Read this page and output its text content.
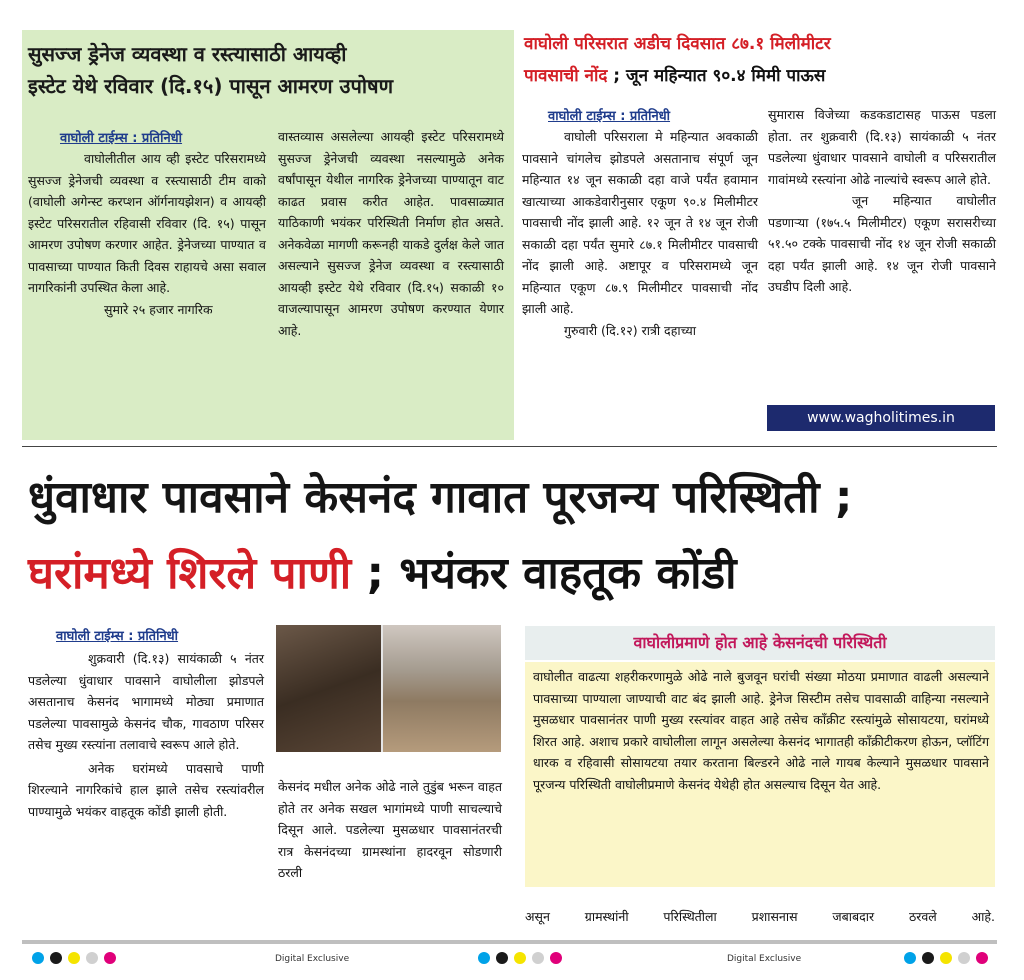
सुसज्ज ड्रेनेज व्यवस्था व रस्त्यासाठी आयव्ही
इस्टेट येथे रविवार (दि.१५) पासून आमरण उपोषण
वाघोली टाईम्स : प्रतिनिधी

वाघोलीतील आय व्ही इस्टेट परिसरामध्ये सुसज्ज ड्रेनेजची व्यवस्था व रस्त्यासाठी टीम वाको (वाघोली अगेन्स्ट करप्शन ऑर्गनायझेशन) व आयव्ही इस्टेट परिसरातील रहिवासी रविवार (दि. १५) पासून आमरण उपोषण करणार आहेत. ड्रेनेजच्या पाण्यात व पावसाच्या पाण्यात किती दिवस राहायचे असा सवाल नागरिकांनी उपस्थित केला आहे.

सुमारे २५ हजार नागरिक

वास्तव्यास असलेल्या आयव्ही इस्टेट परिसरामध्ये सुसज्ज ड्रेनेजची व्यवस्था नसल्यामुळे अनेक वर्षांपासून येथील नागरिक ड्रेनेजच्या पाण्यातून वाट काढत प्रवास करीत आहेत. पावसाळ्यात याठिकाणी भयंकर परिस्थिती निर्माण होत असते. अनेकवेळा मागणी करूनही याकडे दुर्लक्ष केले जात असल्याने सुसज्ज ड्रेनेज व्यवस्था व रस्त्यासाठी आयव्ही इस्टेट येथे रविवार (दि.१५) सकाळी १० वाजल्यापासून आमरण उपोषण करण्यात येणार आहे.

वाघोली परिसरात अडीच दिवसात ८७.१ मिलीमीटर
पावसाची नोंद ; जून महिन्यात ९०.४ मिमी पाऊस
वाघोली टाईम्स : प्रतिनिधी

वाघोली परिसराला मे महिन्यात अवकाळी पावसाने चांगलेच झोडपले असतानाच संपूर्ण जून महिन्यात १४ जून सकाळी दहा वाजे पर्यंत हवामान खात्याच्या आकडेवारीनुसार एकूण ९०.४ मिलीमीटर पावसाची नोंद झाली आहे. १२ जून ते १४ जून रोजी सकाळी दहा पर्यंत सुमारे ८७.१ मिलीमीटर पावसाची नोंद झाली आहे. अष्टापूर व परिसरामध्ये जून महिन्यात एकूण ८७.९ मिलीमीटर पावसाची नोंद झाली आहे.

गुरुवारी (दि.१२) रात्री दहाच्या

सुमारास विजेच्या कडकडाटासह पाऊस पडला होता. तर शुक्रवारी (दि.१३) सायंकाळी ५ नंतर पडलेल्या धुंवाधार पावसाने वाघोली व परिसरातील गावांमध्ये रस्त्यांना ओढे नाल्यांचे स्वरूप आले होते.

जून महिन्यात वाघोलीत पडणाऱ्या (१७५.५ मिलीमीटर) एकूण सरासरीच्या ५१.५० टक्के पावसाची नोंद १४ जून रोजी सकाळी दहा पर्यंत झाली आहे. १४ जून रोजी पावसाने उघडीप दिली आहे.

www.wagholitimes.in
धुंवाधार पावसाने केसनंद गावात पूरजन्य परिस्थिती ;
घरांमध्ये शिरले पाणी ; भयंकर वाहतूक कोंडी
वाघोली टाईम्स : प्रतिनिधी

शुक्रवारी (दि.१३) सायंकाळी ५ नंतर पडलेल्या धुंवाधार पावसाने वाघोलीला झोडपले असतानाच केसनंद भागामध्ये मोठ्या प्रमाणात पडलेल्या पावसामुळे केसनंद चौक, गावठाण परिसर तसेच मुख्य रस्त्यांना तलावाचे स्वरूप आले होते.

अनेक घरांमध्ये पावसाचे पाणी शिरल्याने नागरिकांचे हाल झाले तसेच रस्त्यांवरील पाण्यामुळे भयंकर वाहतूक कोंडी झाली होती.

केसनंद मधील अनेक ओढे नाले तुडुंब भरून वाहत होते तर अनेक सखल भागांमध्ये पाणी साचल्याचे दिसून आले. पडलेल्या मुसळधार पावसानंतरची रात्र केसनंदच्या ग्रामस्थांना हादरवून सोडणारी ठरली

वाघोलीप्रमाणे होत आहे केसनंदची परिस्थिती

वाघोलीत वाढत्या शहरीकरणामुळे ओढे नाले बुजवून घरांची संख्या मोठया प्रमाणात वाढली असल्याने पावसाच्या पाण्याला जाण्याची वाट बंद झाली आहे. ड्रेनेज सिस्टीम तसेच पावसाळी वाहिन्या नसल्याने मुसळधार पावसानंतर पाणी मुख्य रस्त्यांवर वाहत आहे तसेच कॉंक्रीट रस्त्यांमुळे सोसायटया, घरांमध्ये शिरत आहे. अशाच प्रकारे वाघोलीला लागून असलेल्या केसनंद भागातही कॉंक्रीटीकरण होऊन, प्लॉटिंग धारक व रहिवासी सोसायटया तयार करताना बिल्डरने ओढे नाले गायब केल्याने मुसळधार पावसाने पूरजन्य परिस्थिती वाघोलीप्रमाणे केसनंद येथेही होत असल्याच दिसून येत आहे.

असून ग्रामस्थांनी परिस्थितीला प्रशासनास जबाबदार ठरवले आहे.

Digital Exclusive	Digital Exclusive
